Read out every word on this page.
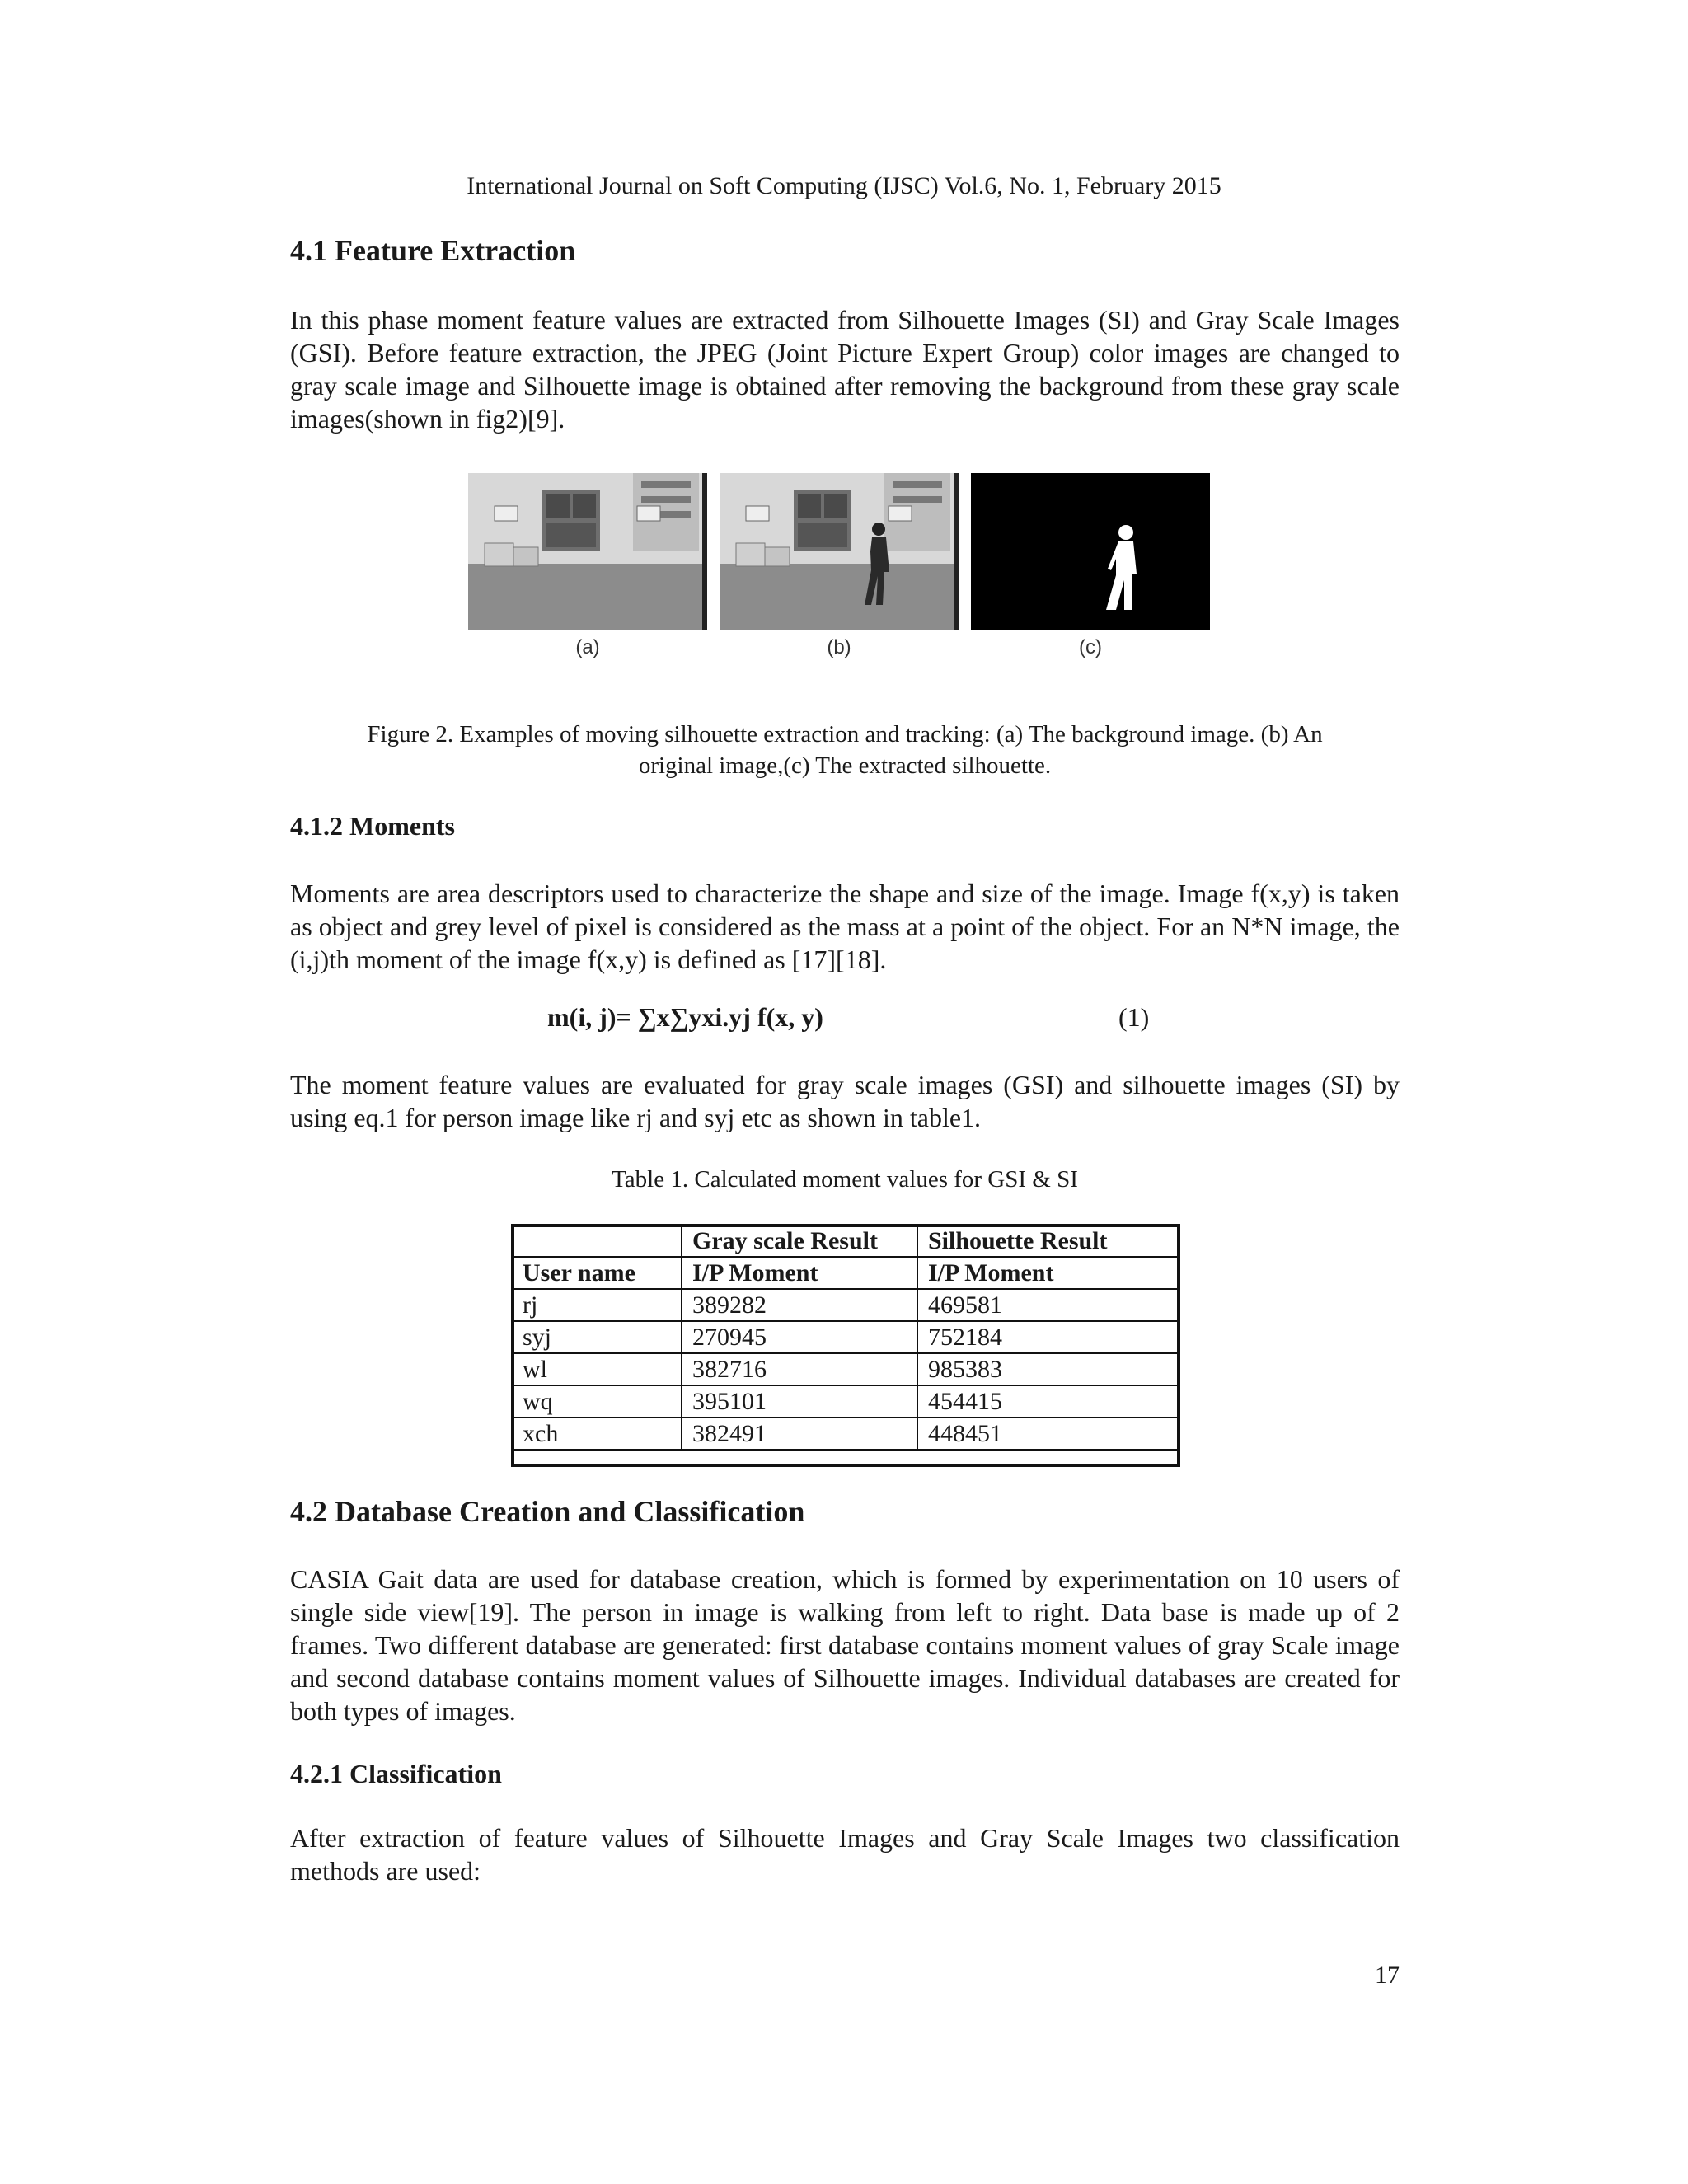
International Journal on Soft Computing (IJSC) Vol.6, No. 1, February 2015
4.1 Feature Extraction
In this phase moment feature values are extracted from Silhouette Images (SI) and Gray Scale Images (GSI). Before feature extraction, the JPEG (Joint Picture Expert Group) color images are changed to gray scale image and Silhouette image is obtained after removing the background from these gray scale images(shown in fig2)[9].
(a)	(b)	(c)
Figure 2. Examples of moving silhouette extraction and tracking: (a) The background image. (b) An
original image,(c) The extracted silhouette.
4.1.2 Moments
Moments are area descriptors used to characterize the shape and size of the image. Image f(x,y) is taken as object and grey level of pixel is considered as the mass at a point of the object. For an N*N image, the (i,j)th moment of the image f(x,y) is defined as [17][18].
m(i, j)= ∑x∑yxi.yj f(x, y)	(1)
The moment feature values are evaluated for gray scale images (GSI) and silhouette images (SI) by using eq.1 for person image like rj and syj etc as shown in table1.
Table 1. Calculated moment values for GSI & SI
	Gray scale Result	Silhouette Result
User name	I/P Moment	I/P Moment
rj	389282	469581
syj	270945	752184
wl	382716	985383
wq	395101	454415
xch	382491	448451
4.2 Database Creation and Classification
CASIA Gait data are used for database creation, which is formed by experimentation on 10 users of single side view[19]. The person in image is walking from left to right. Data base is made up of 2 frames. Two different database are generated: first database contains moment values of gray Scale image and second database contains moment values of Silhouette images. Individual databases are created for both types of images.
4.2.1 Classification
After extraction of feature values of Silhouette Images and Gray Scale Images two classification methods are used:
17
